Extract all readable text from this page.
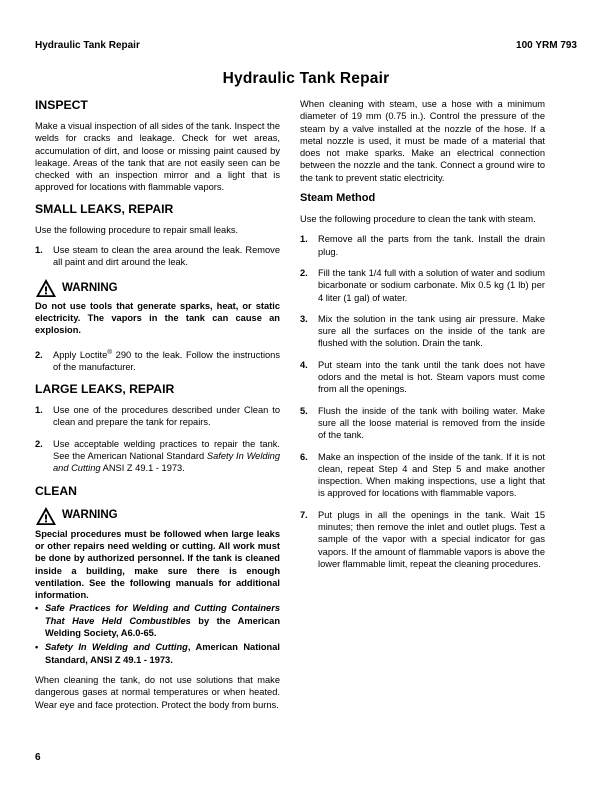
Hydraulic Tank Repair	100 YRM 793
Hydraulic Tank Repair
INSPECT

Make a visual inspection of all sides of the tank. Inspect the welds for cracks and leakage. Check for wet areas, accumulation of dirt, and loose or missing paint caused by leakage. Areas of the tank that are not easily seen can be checked with an inspection mirror and a light that is approved for locations with flammable vapors.

SMALL LEAKS, REPAIR

Use the following procedure to repair small leaks.

1.	Use steam to clean the area around the leak. Remove all paint and dirt around the leak.
WARNING

Do not use tools that generate sparks, heat, or static electricity. The vapors in the tank can cause an explosion.

2.	Apply Loctite® 290 to the leak. Follow the instructions of the manufacturer.
LARGE LEAKS, REPAIR
1.	Use one of the procedures described under Clean to clean and prepare the tank for repairs.
2.	Use acceptable welding practices to repair the tank. See the American National Standard Safety In Welding and Cutting ANSI Z 49.1 - 1973.
CLEAN
WARNING

Special procedures must be followed when large leaks or other repairs need welding or cutting. All work must be done by authorized personnel. If the tank is cleaned inside a building, make sure there is enough ventilation. See the following manuals for additional information.

• Safe Practices for Welding and Cutting Containers That Have Held Combustibles by the American Welding Society, A6.0-65.
• Safety In Welding and Cutting, American National Standard, ANSI Z 49.1 - 1973.

When cleaning the tank, do not use solutions that make dangerous gases at normal temperatures or when heated. Wear eye and face protection. Protect the body from burns.

When cleaning with steam, use a hose with a minimum diameter of 19 mm (0.75 in.). Control the pressure of the steam by a valve installed at the nozzle of the hose. If a metal nozzle is used, it must be made of a material that does not make sparks. Make an electrical connection between the nozzle and the tank. Connect a ground wire to the tank to prevent static electricity.

Steam Method

Use the following procedure to clean the tank with steam.

1.	Remove all the parts from the tank. Install the drain plug.
2.	Fill the tank 1/4 full with a solution of water and sodium bicarbonate or sodium carbonate. Mix 0.5 kg (1 lb) per 4 liter (1 gal) of water.
3.	Mix the solution in the tank using air pressure. Make sure all the surfaces on the inside of the tank are flushed with the solution. Drain the tank.
4.	Put steam into the tank until the tank does not have odors and the metal is hot. Steam vapors must come from all the openings.
5.	Flush the inside of the tank with boiling water. Make sure all the loose material is removed from the inside of the tank.
6.	Make an inspection of the inside of the tank. If it is not clean, repeat Step 4 and Step 5 and make another inspection. When making inspections, use a light that is approved for locations with flammable vapors.
7.	Put plugs in all the openings in the tank. Wait 15 minutes; then remove the inlet and outlet plugs. Test a sample of the vapor with a special indicator for gas vapors. If the amount of flammable vapors is above the lower flammable limit, repeat the cleaning procedures.
6
